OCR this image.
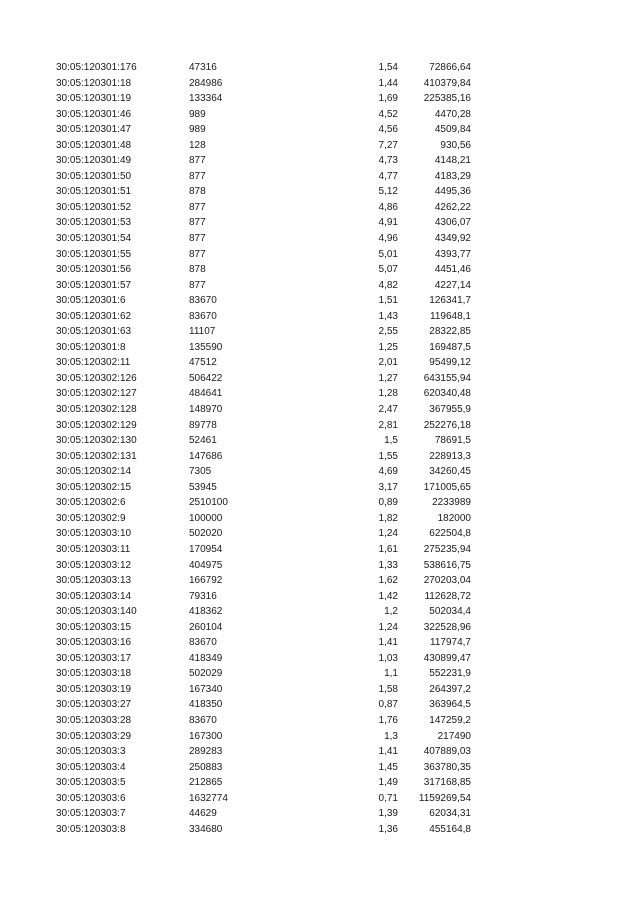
30:05:120301:176	47316	1,54	72866,64
30:05:120301:18	284986	1,44	410379,84
30:05:120301:19	133364	1,69	225385,16
30:05:120301:46	989	4,52	4470,28
30:05:120301:47	989	4,56	4509,84
30:05:120301:48	128	7,27	930,56
30:05:120301:49	877	4,73	4148,21
30:05:120301:50	877	4,77	4183,29
30:05:120301:51	878	5,12	4495,36
30:05:120301:52	877	4,86	4262,22
30:05:120301:53	877	4,91	4306,07
30:05:120301:54	877	4,96	4349,92
30:05:120301:55	877	5,01	4393,77
30:05:120301:56	878	5,07	4451,46
30:05:120301:57	877	4,82	4227,14
30:05:120301:6	83670	1,51	126341,7
30:05:120301:62	83670	1,43	119648,1
30:05:120301:63	11107	2,55	28322,85
30:05:120301:8	135590	1,25	169487,5
30:05:120302:11	47512	2,01	95499,12
30:05:120302:126	506422	1,27	643155,94
30:05:120302:127	484641	1,28	620340,48
30:05:120302:128	148970	2,47	367955,9
30:05:120302:129	89778	2,81	252276,18
30:05:120302:130	52461	1,5	78691,5
30:05:120302:131	147686	1,55	228913,3
30:05:120302:14	7305	4,69	34260,45
30:05:120302:15	53945	3,17	171005,65
30:05:120302:6	2510100	0,89	2233989
30:05:120302:9	100000	1,82	182000
30:05:120303:10	502020	1,24	622504,8
30:05:120303:11	170954	1,61	275235,94
30:05:120303:12	404975	1,33	538616,75
30:05:120303:13	166792	1,62	270203,04
30:05:120303:14	79316	1,42	112628,72
30:05:120303:140	418362	1,2	502034,4
30:05:120303:15	260104	1,24	322528,96
30:05:120303:16	83670	1,41	117974,7
30:05:120303:17	418349	1,03	430899,47
30:05:120303:18	502029	1,1	552231,9
30:05:120303:19	167340	1,58	264397,2
30:05:120303:27	418350	0,87	363964,5
30:05:120303:28	83670	1,76	147259,2
30:05:120303:29	167300	1,3	217490
30:05:120303:3	289283	1,41	407889,03
30:05:120303:4	250883	1,45	363780,35
30:05:120303:5	212865	1,49	317168,85
30:05:120303:6	1632774	0,71	1159269,54
30:05:120303:7	44629	1,39	62034,31
30:05:120303:8	334680	1,36	455164,8
